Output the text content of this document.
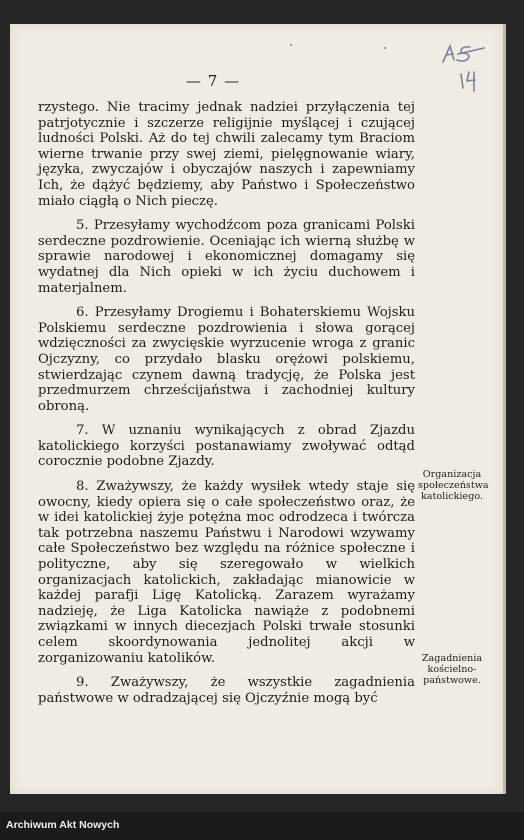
— 7 —

rzystego. Nie tracimy jednak nadziei przyłączenia tej patrjotycznie i szczerze religijnie myślącej i czującej ludności Polski. Aż do tej chwili zalecamy tym Braciom wierne trwanie przy swej ziemi, pielęgnowanie wiary, języka, zwyczajów i obyczajów naszych i zapewniamy Ich, że dążyć będziemy, aby Państwo i Społeczeństwo miało ciągłą o Nich pieczę.

5. Przesyłamy wychodźcom poza granicami Polski serdeczne pozdrowienie. Oceniając ich wierną służbę w sprawie narodowej i ekonomicznej domagamy się wydatnej dla Nich opieki w ich życiu duchowem i materjalnem.

6. Przesyłamy Drogiemu i Bohaterskiemu Wojsku Polskiemu serdeczne pozdrowienia i słowa gorącej wdzięczności za zwycięskie wyrzucenie wroga z granic Ojczyzny, co przydało blasku orężowi polskiemu, stwierdzając czynem dawną tradycję, że Polska jest przedmurzem chrześcijaństwa i zachodniej kultury obroną.

7. W uznaniu wynikających z obrad Zjazdu katolickiego korzyści postanawiamy zwoływać odtąd corocznie podobne Zjazdy.

8. Zważywszy, że każdy wysiłek wtedy staje się owocny, kiedy opiera się o całe społeczeństwo oraz, że w idei katolickiej żyje potężna moc odrodzeca i twórcza tak potrzebna naszemu Państwu i Narodowi wzywamy całe Społeczeństwo bez względu na różnice społeczne i polityczne, aby się szeregowało w wielkich organizacjach katolickich, zakładając mianowicie w każdej parafji Ligę Katolicką. Zarazem wyrażamy nadzieję, że Liga Katolicka nawiąże z podobnemi związkami w innych diecezjach Polski trwałe stosunki celem skoordynowania jednolitej akcji w zorganizowaniu katolików.

9. Zważywszy, że wszystkie zagadnienia państwowe w odradzającej się Ojczyźnie mogą być

Organizacja społeczeństwa katolickiego.
Zagadnienia kościelno-państwowe.
Archiwum Akt Nowych
